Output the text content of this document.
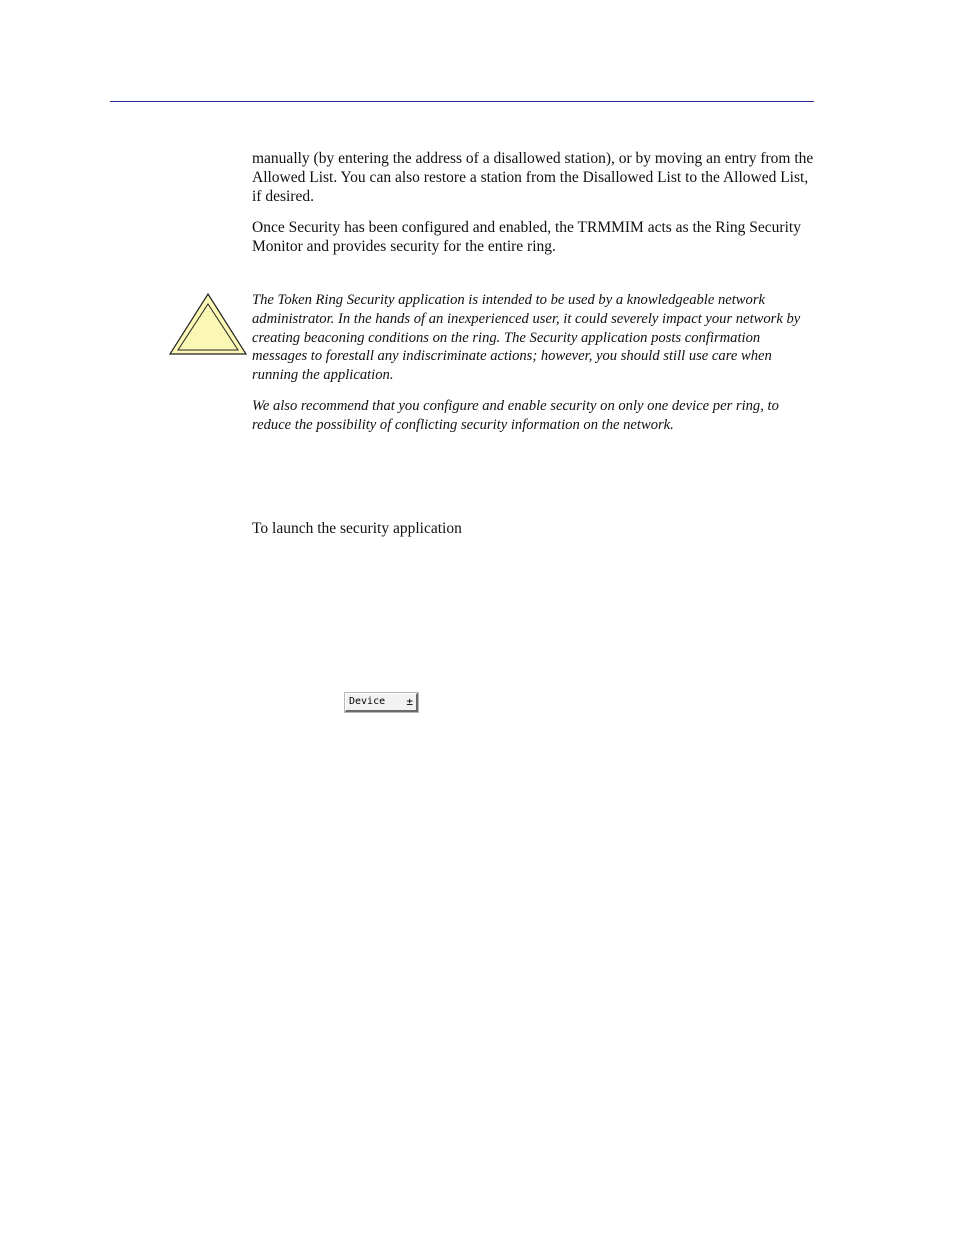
manually (by entering the address of a disallowed station), or by moving an entry from the Allowed List. You can also restore a station from the Disallowed List to the Allowed List, if desired.

Once Security has been configured and enabled, the TRMMIM acts as the Ring Security Monitor and provides security for the entire ring.

The Token Ring Security application is intended to be used by a knowledgeable network administrator. In the hands of an inexperienced user, it could severely impact your network by creating beaconing conditions on the ring. The Security application posts confirmation messages to forestall any indiscriminate actions; however, you should still use care when running the application.

We also recommend that you configure and enable security on only one device per ring, to reduce the possibility of conflicting security information on the network.

To launch the security application

Device ±
